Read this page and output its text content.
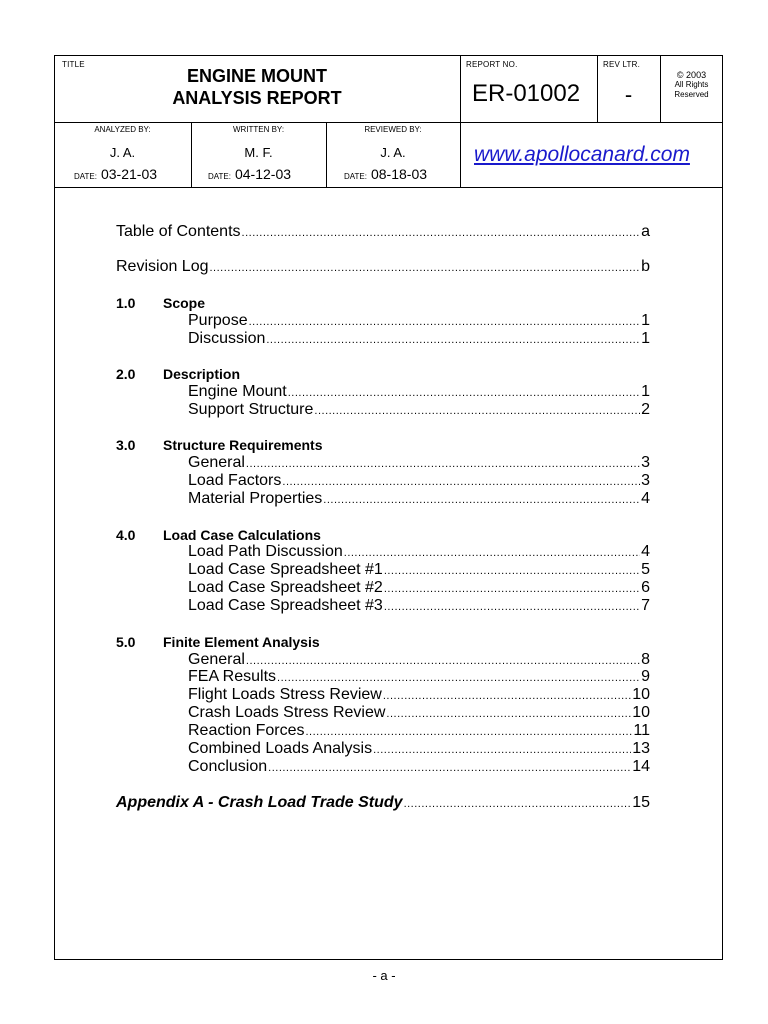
TITLE
ENGINE MOUNT
ANALYSIS REPORT
REPORT NO.
ER-01002
REV LTR.
-
© 2003
All Rights
Reserved
ANALYZED BY:
J. A.
DATE: 03-21-03
WRITTEN BY:
M. F.
DATE: 04-12-03
REVIEWED BY:
J. A.
DATE: 08-18-03
www.apollocanard.com
Table of Contents .....	a
Revision Log .....	b
1.0 Scope
Purpose .....	1
Discussion .....	1
2.0 Description
Engine Mount .....	1
Support Structure .....	2
3.0 Structure Requirements
General .....	3
Load Factors .....	3
Material Properties .....	4
4.0 Load Case Calculations
Load Path Discussion .....	4
Load Case Spreadsheet #1 .....	5
Load Case Spreadsheet #2 .....	6
Load Case Spreadsheet #3 .....	7
5.0 Finite Element Analysis
General .....	8
FEA Results .....	9
Flight Loads Stress Review .....	10
Crash Loads Stress Review .....	10
Reaction Forces .....	11
Combined Loads Analysis .....	13
Conclusion .....	14
Appendix A - Crash Load Trade Study .....	15
- a -
